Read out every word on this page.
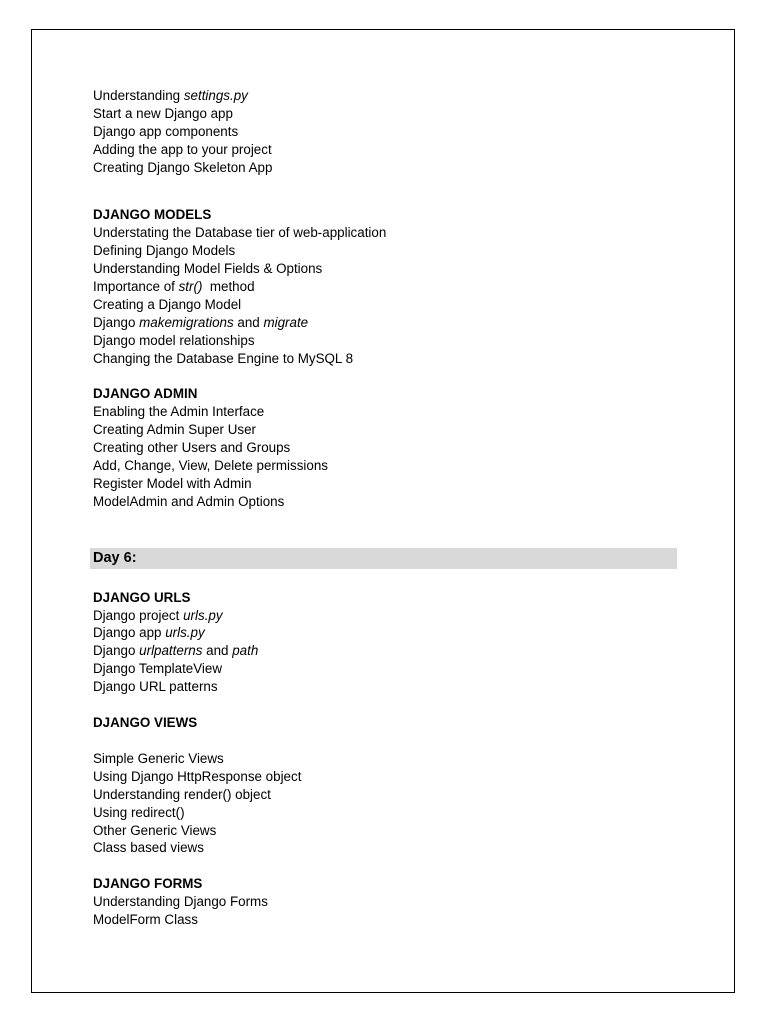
Understanding settings.py
Start a new Django app
Django app components
Adding the app to your project
Creating Django Skeleton App
DJANGO MODELS
Understating the Database tier of web-application
Defining Django Models
Understanding Model Fields & Options
Importance of str()  method
Creating a Django Model
Django makemigrations and migrate
Django model relationships
Changing the Database Engine to MySQL 8
DJANGO ADMIN
Enabling the Admin Interface
Creating Admin Super User
Creating other Users and Groups
Add, Change, View, Delete permissions
Register Model with Admin
ModelAdmin and Admin Options
Day 6:
DJANGO URLS
Django project urls.py
Django app urls.py
Django urlpatterns and path
Django TemplateView
Django URL patterns
DJANGO VIEWS
Simple Generic Views
Using Django HttpResponse object
Understanding render() object
Using redirect()
Other Generic Views
Class based views
DJANGO FORMS
Understanding Django Forms
ModelForm Class
